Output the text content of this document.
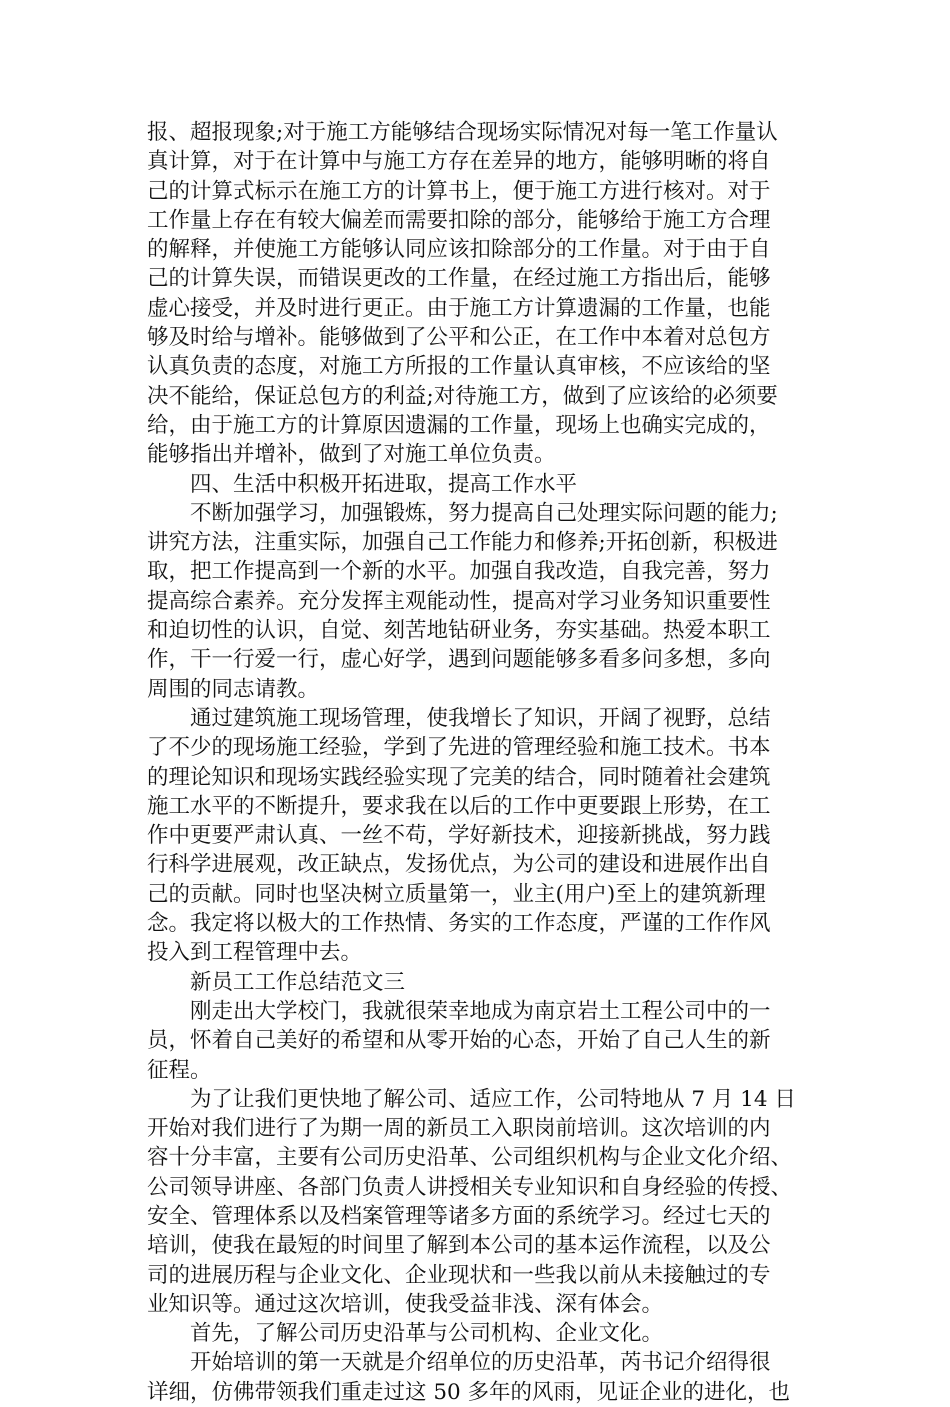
报、超报现象;对于施工方能够结合现场实际情况对每一笔工作量认
真计算，对于在计算中与施工方存在差异的地方，能够明晰的将自
己的计算式标示在施工方的计算书上，便于施工方进行核对。对于
工作量上存在有较大偏差而需要扣除的部分，能够给于施工方合理
的解释，并使施工方能够认同应该扣除部分的工作量。对于由于自
己的计算失误，而错误更改的工作量，在经过施工方指出后，能够
虚心接受，并及时进行更正。由于施工方计算遗漏的工作量，也能
够及时给与增补。能够做到了公平和公正，在工作中本着对总包方
认真负责的态度，对施工方所报的工作量认真审核，不应该给的坚
决不能给，保证总包方的利益;对待施工方，做到了应该给的必须要
给，由于施工方的计算原因遗漏的工作量，现场上也确实完成的，
能够指出并增补，做到了对施工单位负责。
四、生活中积极开拓进取，提高工作水平
不断加强学习，加强锻炼，努力提高自己处理实际问题的能力;
讲究方法，注重实际，加强自己工作能力和修养;开拓创新，积极进
取，把工作提高到一个新的水平。加强自我改造，自我完善，努力
提高综合素养。充分发挥主观能动性，提高对学习业务知识重要性
和迫切性的认识，自觉、刻苦地钻研业务，夯实基础。热爱本职工
作，干一行爱一行，虚心好学，遇到问题能够多看多问多想，多向
周围的同志请教。
通过建筑施工现场管理，使我增长了知识，开阔了视野，总结
了不少的现场施工经验，学到了先进的管理经验和施工技术。书本
的理论知识和现场实践经验实现了完美的结合，同时随着社会建筑
施工水平的不断提升，要求我在以后的工作中更要跟上形势，在工
作中更要严肃认真、一丝不苟，学好新技术，迎接新挑战，努力践
行科学进展观，改正缺点，发扬优点，为公司的建设和进展作出自
己的贡献。同时也坚决树立质量第一，业主(用户)至上的建筑新理
念。我定将以极大的工作热情、务实的工作态度，严谨的工作作风
投入到工程管理中去。
新员工工作总结范文三
刚走出大学校门，我就很荣幸地成为南京岩土工程公司中的一
员，怀着自己美好的希望和从零开始的心态，开始了自己人生的新
征程。
为了让我们更快地了解公司、适应工作，公司特地从 7 月 14 日
开始对我们进行了为期一周的新员工入职岗前培训。这次培训的内
容十分丰富，主要有公司历史沿革、公司组织机构与企业文化介绍、
公司领导讲座、各部门负责人讲授相关专业知识和自身经验的传授、
安全、管理体系以及档案管理等诸多方面的系统学习。经过七天的
培训，使我在最短的时间里了解到本公司的基本运作流程，以及公
司的进展历程与企业文化、企业现状和一些我以前从未接触过的专
业知识等。通过这次培训，使我受益非浅、深有体会。
首先，了解公司历史沿革与公司机构、企业文化。
开始培训的第一天就是介绍单位的历史沿革，芮书记介绍得很
详细，仿佛带领我们重走过这 50 多年的风雨，见证企业的进化，也
